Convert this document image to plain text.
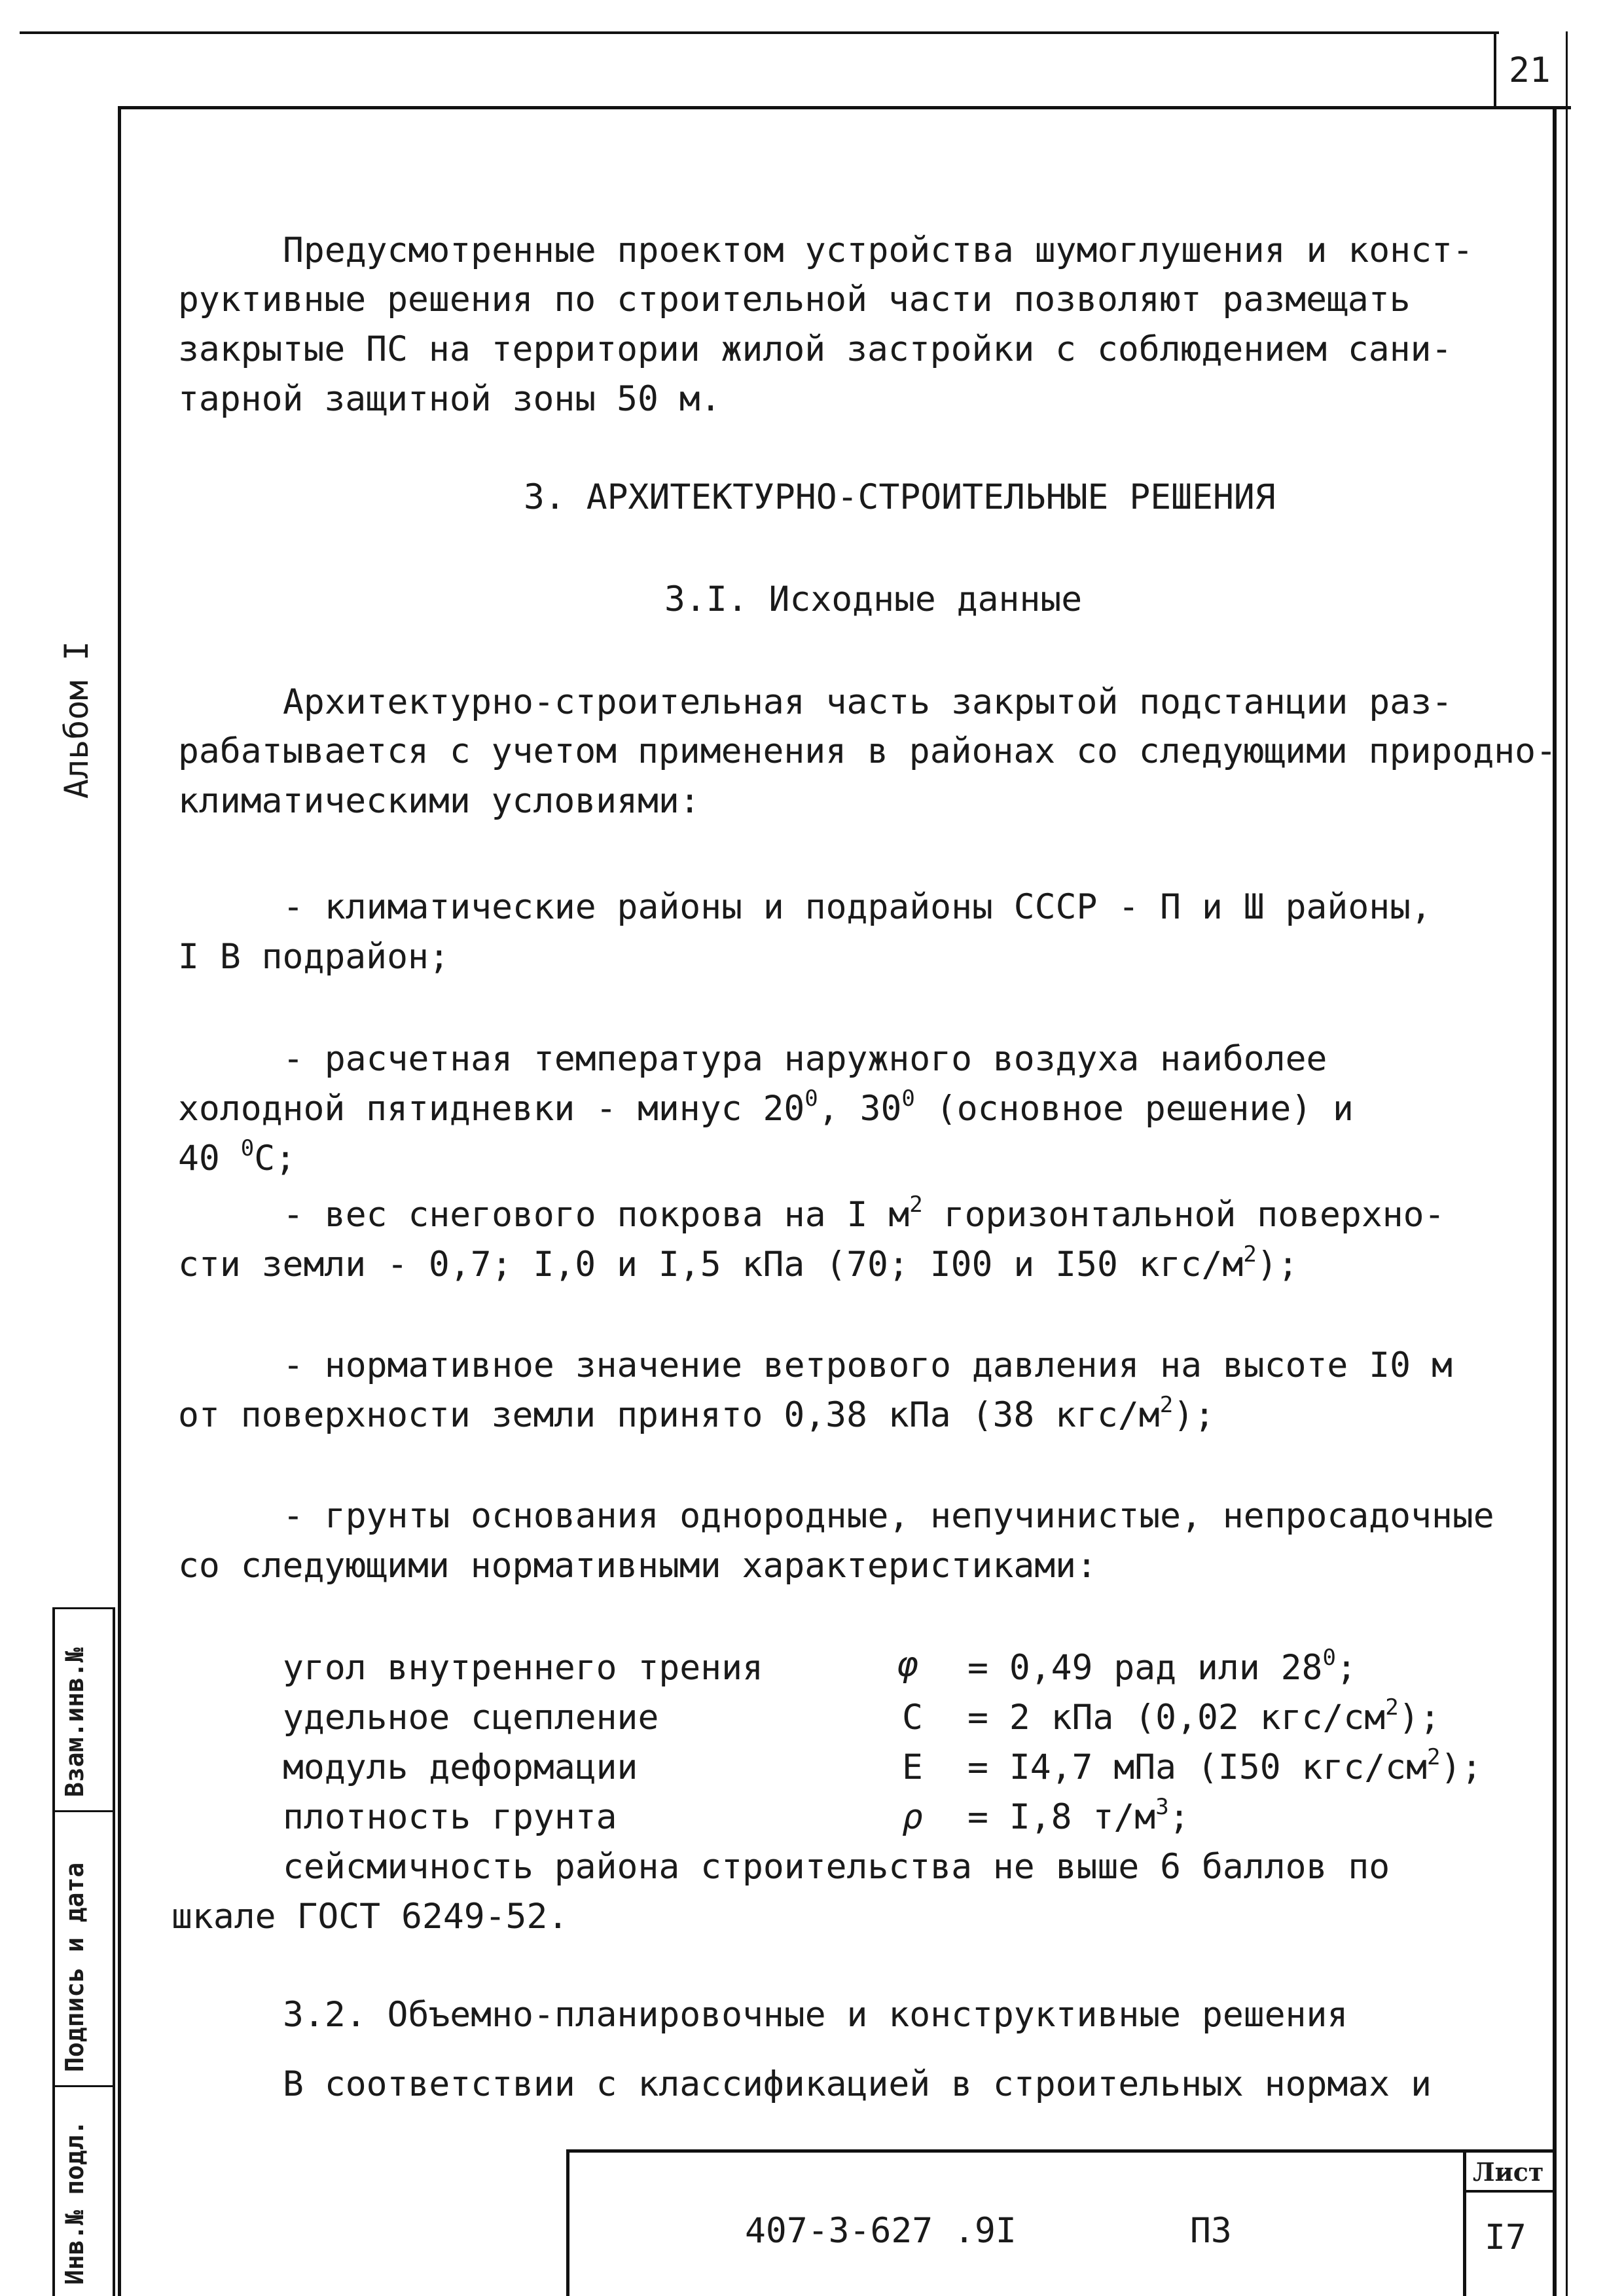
21
Альбом I
Взам.инв.№
Подпись и дата
Инв.№ подл.
Предусмотренные проектом устройства шумоглушения и конст-
руктивные решения по строительной части позволяют размещать
закрытые ПС на территории жилой застройки с соблюдением сани-
тарной защитной зоны 50 м.
3. АРХИТЕКТУРНО-СТРОИТЕЛЬНЫЕ РЕШЕНИЯ
3.I. Исходные данные
Архитектурно-строительная часть закрытой подстанции раз-
рабатывается с учетом применения в районах со следующими природно-
климатическими условиями:
- климатические районы и подрайоны СССР - П и Ш районы,
I В подрайон;
- расчетная температура наружного воздуха наиболее
холодной пятидневки - минус $20^0$, $30^0$ (основное решение) и
40 $^0$С;
- вес снегового покрова на I $м^2$ горизонтальной поверхно-
сти земли - 0,7; I,0 и I,5 кПа (70; I00 и I50 кгс/$м^2$);
- нормативное значение ветрового давления на высоте I0 м
от поверхности земли принято 0,38 кПа (38 кгс/$м^2$);
- грунты основания однородные, непучинистые, непросадочные
со следующими нормативными характеристиками:
угол внутреннего трения	φ = 0,49 рад или $28^0$;
удельное сцепление	С = 2 кПа (0,02 кгс/$см^2$);
модуль деформации	Е = I4,7 мПа (I50 кгс/$см^2$);
плотность грунта	ρ = I,8 $т/м^3$;
сейсмичность района строительства не выше 6 баллов по
шкале ГОСТ 6249-52.
3.2. Объемно-планировочные и конструктивные решения
В соответствии с классификацией в строительных нормах и
407-3-627 .9I	ПЗ
Лист
I7
